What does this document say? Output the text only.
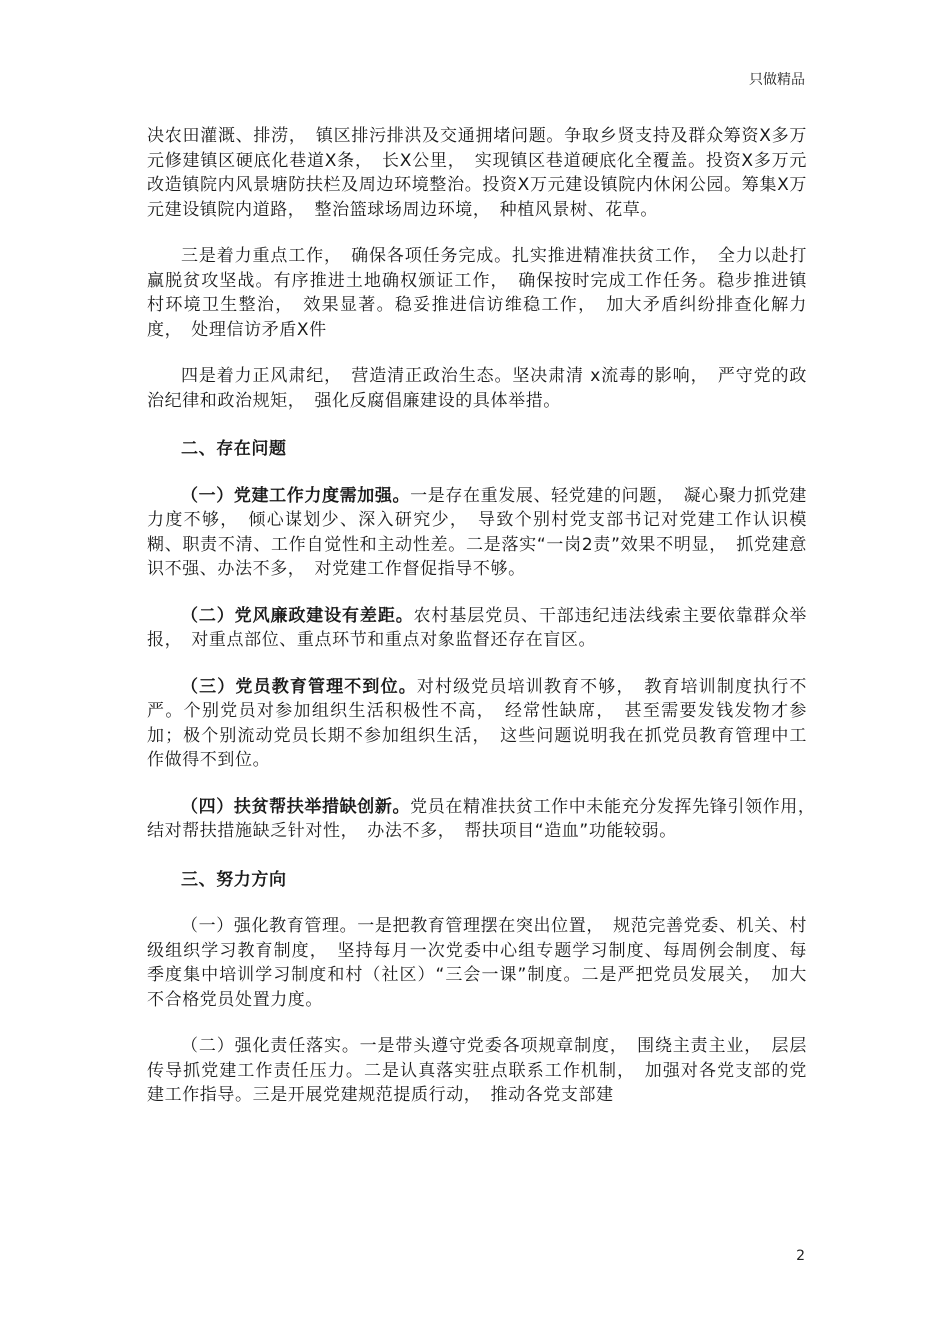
只做精品

决农田灌溉、排涝，　镇区排污排洪及交通拥堵问题。争取乡贤支持及群众筹资X多万元修建镇区硬底化巷道X条，　长X公里，　实现镇区巷道硬底化全覆盖。投资X多万元改造镇院内风景塘防扶栏及周边环境整治。投资X万元建设镇院内休闲公园。筹集X万元建设镇院内道路，　整治篮球场周边环境，　种植风景树、花草。

三是着力重点工作，　确保各项任务完成。扎实推进精准扶贫工作，　全力以赴打赢脱贫攻坚战。有序推进土地确权颁证工作，　确保按时完成工作任务。稳步推进镇村环境卫生整治，　效果显著。稳妥推进信访维稳工作，　加大矛盾纠纷排查化解力度，　处理信访矛盾X件

四是着力正风肃纪，　营造清正政治生态。坚决肃清 x流毒的影响，　严守党的政治纪律和政治规矩，　强化反腐倡廉建设的具体举措。

二、存在问题

（一）党建工作力度需加强。一是存在重发展、轻党建的问题，　凝心聚力抓党建力度不够，　倾心谋划少、深入研究少，　导致个别村党支部书记对党建工作认识模糊、职责不清、工作自觉性和主动性差。二是落实“一岗2责”效果不明显，　抓党建意识不强、办法不多，　对党建工作督促指导不够。

（二）党风廉政建设有差距。农村基层党员、干部违纪违法线索主要依靠群众举报，　对重点部位、重点环节和重点对象监督还存在盲区。

（三）党员教育管理不到位。对村级党员培训教育不够，　教育培训制度执行不严。个别党员对参加组织生活积极性不高，　经常性缺席，　甚至需要发钱发物才参加；极个别流动党员长期不参加组织生活，　这些问题说明我在抓党员教育管理中工作做得不到位。

（四）扶贫帮扶举措缺创新。党员在精准扶贫工作中未能充分发挥先锋引领作用，　结对帮扶措施缺乏针对性，　办法不多，　帮扶项目“造血”功能较弱。

三、努力方向

（一）强化教育管理。一是把教育管理摆在突出位置，　规范完善党委、机关、村级组织学习教育制度，　坚持每月一次党委中心组专题学习制度、每周例会制度、每季度集中培训学习制度和村（社区）“三会一课”制度。二是严把党员发展关，　加大不合格党员处置力度。

（二）强化责任落实。一是带头遵守党委各项规章制度，　围绕主责主业，　层层传导抓党建工作责任压力。二是认真落实驻点联系工作机制，　加强对各党支部的党建工作指导。三是开展党建规范提质行动，　推动各党支部建

2
